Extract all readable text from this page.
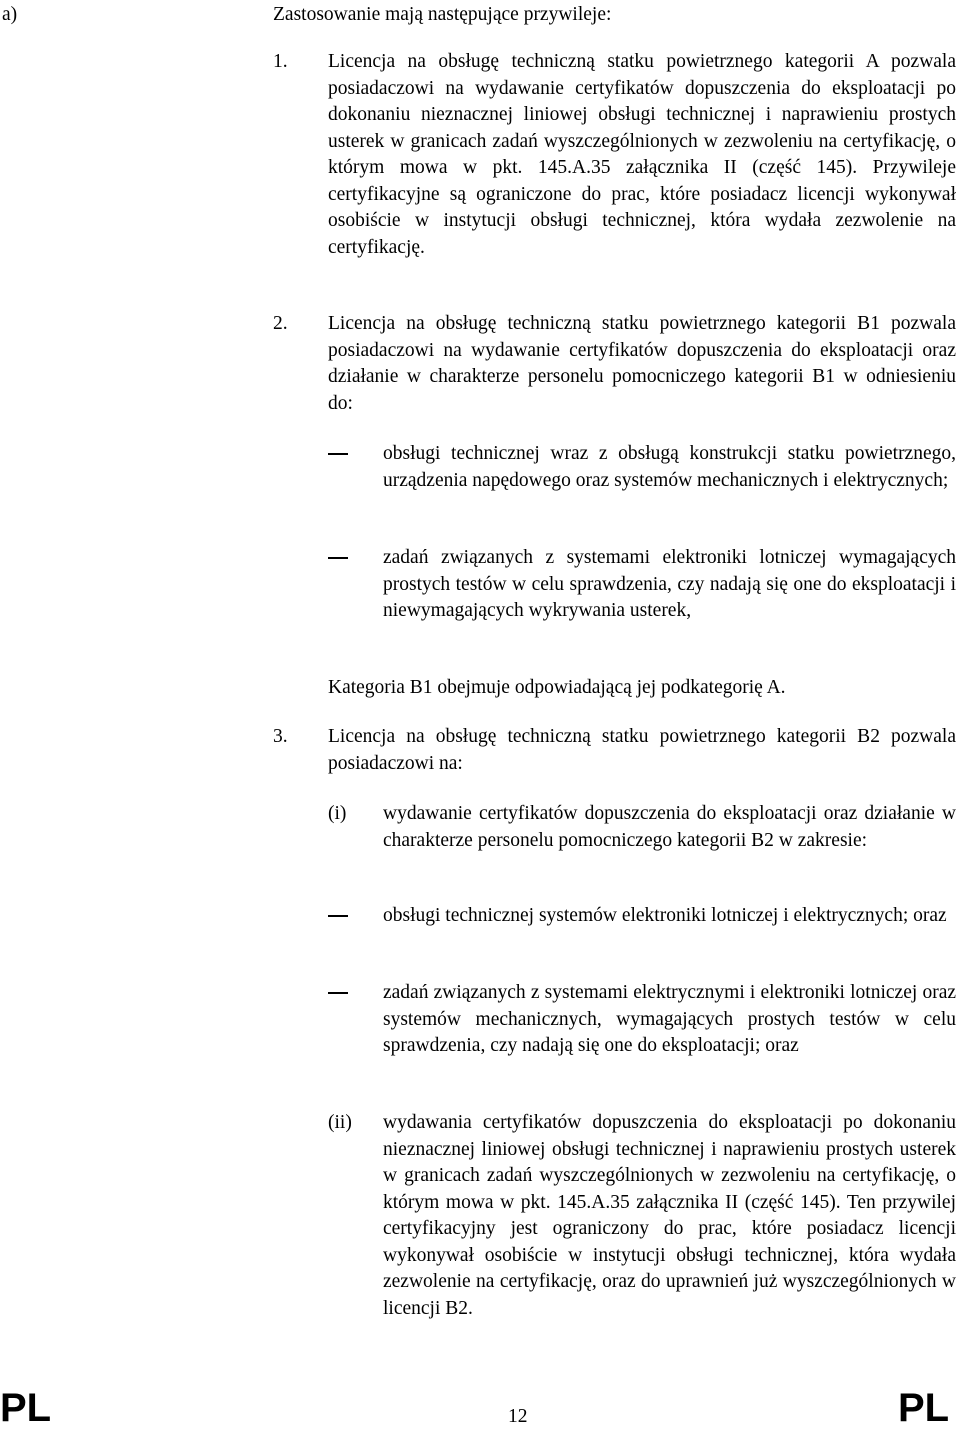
a)	Zastosowanie mają następujące przywileje:
1. Licencja na obsługę techniczną statku powietrznego kategorii A pozwala posiadaczowi na wydawanie certyfikatów dopuszczenia do eksploatacji po dokonaniu nieznacznej liniowej obsługi technicznej i naprawieniu prostych usterek w granicach zadań wyszczególnionych w zezwoleniu na certyfikację, o którym mowa w pkt. 145.A.35 załącznika II (część 145). Przywileje certyfikacyjne są ograniczone do prac, które posiadacz licencji wykonywał osobiście w instytucji obsługi technicznej, która wydała zezwolenie na certyfikację.

2. Licencja na obsługę techniczną statku powietrznego kategorii B1 pozwala posiadaczowi na wydawanie certyfikatów dopuszczenia do eksploatacji oraz działanie w charakterze personelu pomocniczego kategorii B1 w odniesieniu do:

obsługi technicznej wraz z obsługą konstrukcji statku powietrznego, urządzenia napędowego oraz systemów mechanicznych i elektrycznych;

zadań związanych z systemami elektroniki lotniczej wymagających prostych testów w celu sprawdzenia, czy nadają się one do eksploatacji i niewymagających wykrywania usterek,

Kategoria B1 obejmuje odpowiadającą jej podkategorię A.

3. Licencja na obsługę techniczną statku powietrznego kategorii B2 pozwala posiadaczowi na:

(i) wydawanie certyfikatów dopuszczenia do eksploatacji oraz działanie w charakterze personelu pomocniczego kategorii B2 w zakresie:

obsługi technicznej systemów elektroniki lotniczej i elektrycznych; oraz

zadań związanych z systemami elektrycznymi i elektroniki lotniczej oraz systemów mechanicznych, wymagających prostych testów w celu sprawdzenia, czy nadają się one do eksploatacji; oraz

(ii) wydawania certyfikatów dopuszczenia do eksploatacji po dokonaniu nieznacznej liniowej obsługi technicznej i naprawieniu prostych usterek w granicach zadań wyszczególnionych w zezwoleniu na certyfikację, o którym mowa w pkt. 145.A.35 załącznika II (część 145). Ten przywilej certyfikacyjny jest ograniczony do prac, które posiadacz licencji wykonywał osobiście w instytucji obsługi technicznej, która wydała zezwolenie na certyfikację, oraz do uprawnień już wyszczególnionych w licencji B2.

PL	12	PL
